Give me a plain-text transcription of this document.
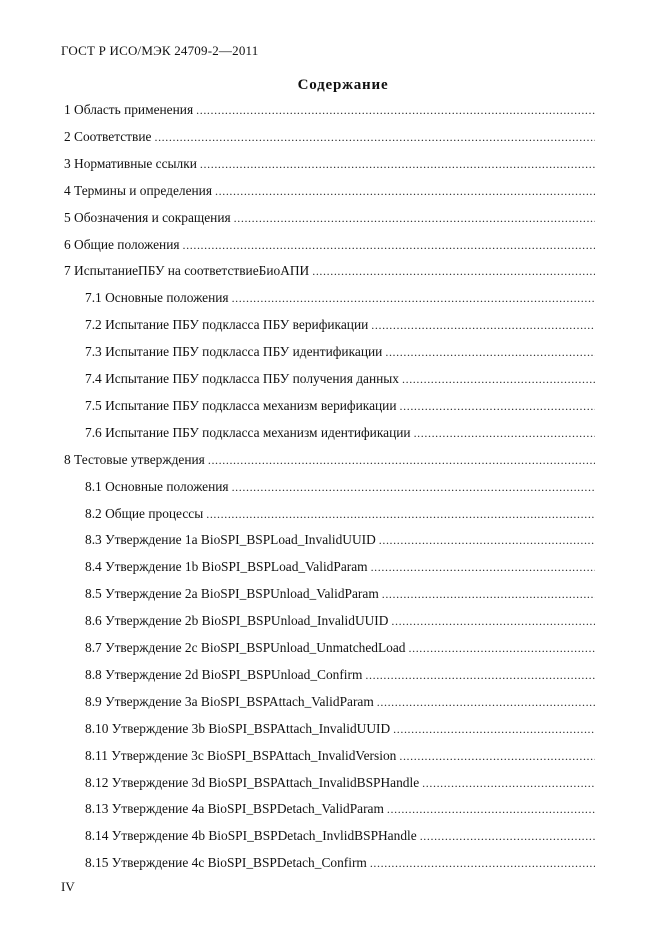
ГОСТ Р ИСО/МЭК 24709-2—2011
Содержание
1 Область применения
.....
2 Соответствие
.....
3 Нормативные ссылки
.....
4 Термины и определения
.....
5 Обозначения и сокращения
.....
6 Общие положения
.....
7 ИспытаниеПБУ на соответствиеБиоАПИ
.....
7.1 Основные положения
.....
7.2 Испытание ПБУ подкласса ПБУ верификации
.....
7.3 Испытание ПБУ подкласса ПБУ идентификации
.....
7.4 Испытание ПБУ подкласса ПБУ получения данных
.....
7.5 Испытание ПБУ подкласса механизм верификации
.....
7.6 Испытание ПБУ подкласса механизм идентификации
.....
8 Тестовые утверждения
.....
8.1 Основные положения
.....
8.2 Общие процессы
.....
8.3 Утверждение 1a BioSPI_BSPLoad_InvalidUUID
.....
8.4 Утверждение 1b BioSPI_BSPLoad_ValidParam
.....
8.5 Утверждение 2a BioSPI_BSPUnload_ValidParam
.....
8.6 Утверждение 2b BioSPI_BSPUnload_InvalidUUID
.....
8.7 Утверждение 2c BioSPI_BSPUnload_UnmatchedLoad
.....
8.8 Утверждение 2d BioSPI_BSPUnload_Confirm
.....
8.9 Утверждение 3a BioSPI_BSPAttach_ValidParam
.....
8.10 Утверждение 3b BioSPI_BSPAttach_InvalidUUID
.....
8.11 Утверждение 3c BioSPI_BSPAttach_InvalidVersion
.....
8.12 Утверждение 3d BioSPI_BSPAttach_InvalidBSPHandle
.....
8.13 Утверждение 4a BioSPI_BSPDetach_ValidParam
.....
8.14 Утверждение 4b BioSPI_BSPDetach_InvlidBSPHandle
.....
8.15 Утверждение 4c BioSPI_BSPDetach_Confirm
.....
IV
